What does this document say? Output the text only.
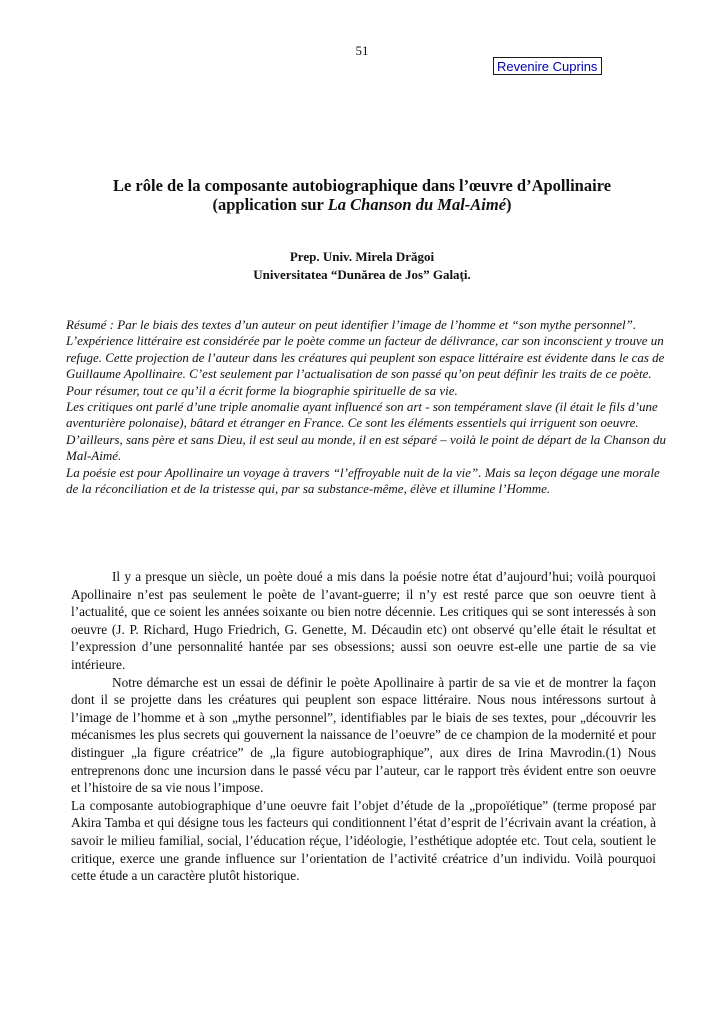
51
Revenire Cuprins
Le rôle de la composante autobiographique dans l’œuvre d’Apollinaire
(application sur La Chanson du Mal-Aimé)
Prep. Univ. Mirela Drăgoi
Universitatea “Dunărea de Jos” Galaţi.

Résumé : Par le biais des textes d’un auteur on peut identifier l’image de l’homme et “son mythe personnel”. L’expérience littéraire est considérée par le poète comme un facteur de délivrance, car son inconscient y trouve un refuge. Cette projection de l’auteur dans les créatures qui peuplent son espace littéraire est évidente dans le cas de Guillaume Apollinaire. C’est seulement par l’actualisation de son passé qu’on peut définir les traits de ce poète. Pour résumer, tout ce qu’il a écrit forme la biographie spirituelle de sa vie.

Les critiques ont parlé d’une triple anomalie ayant influencé son art - son tempérament slave (il était le fils d’une aventurière polonaise), bâtard et étranger en France. Ce sont les éléments essentiels qui irriguent son oeuvre. D’ailleurs, sans père et sans Dieu, il est seul au monde, il en est séparé – voilà le point de départ de la Chanson du Mal-Aimé.

La poésie est pour Apollinaire un voyage à travers “l’effroyable nuit de la vie”. Mais sa leçon dégage une morale de la réconciliation et de la tristesse qui, par sa substance-même, élève et illumine l’Homme.

Il y a presque un siècle, un poète doué a mis dans la poésie notre état d’aujourd’hui; voilà pourquoi Apollinaire n’est pas seulement le poète de l’avant-guerre; il n’y est resté parce que son oeuvre tient à l’actualité, que ce soient les années soixante ou bien notre décennie. Les critiques qui se sont interessés à son oeuvre (J. P. Richard, Hugo Friedrich, G. Genette, M. Décaudin etc) ont observé qu’elle était le résultat et l’expression d’une personnalité hantée par ses obsessions; aussi son oeuvre est-elle une partie de sa vie intérieure.

Notre démarche est un essai de définir le poète Apollinaire à partir de sa vie et de montrer la façon dont il se projette dans les créatures qui peuplent son espace littéraire. Nous nous intéressons surtout à l’image de l’homme et à son „mythe personnel”, identifiables par le biais de ses textes, pour „découvrir les mécanismes les plus secrets qui gouvernent la naissance de l’oeuvre” de ce champion de la modernité et pour distinguer „la figure créatrice” de „la figure autobiographique”, aux dires de Irina Mavrodin.(1) Nous entreprenons donc une incursion dans le passé vécu par l’auteur, car le rapport très évident entre son oeuvre et l’histoire de sa vie nous l’impose.

La composante autobiographique d’une oeuvre fait l’objet d’étude de la „propoïétique” (terme proposé par Akira Tamba et qui désigne tous les facteurs qui conditionnent l’état d’esprit de l’écrivain avant la création, à savoir le milieu familial, social, l’éducation réçue, l’idéologie, l’esthétique adoptée etc. Tout cela, soutient le critique, exerce une grande influence sur l’orientation de l’activité créatrice d’un individu. Voilà pourquoi cette étude a un caractère plutôt historique.
